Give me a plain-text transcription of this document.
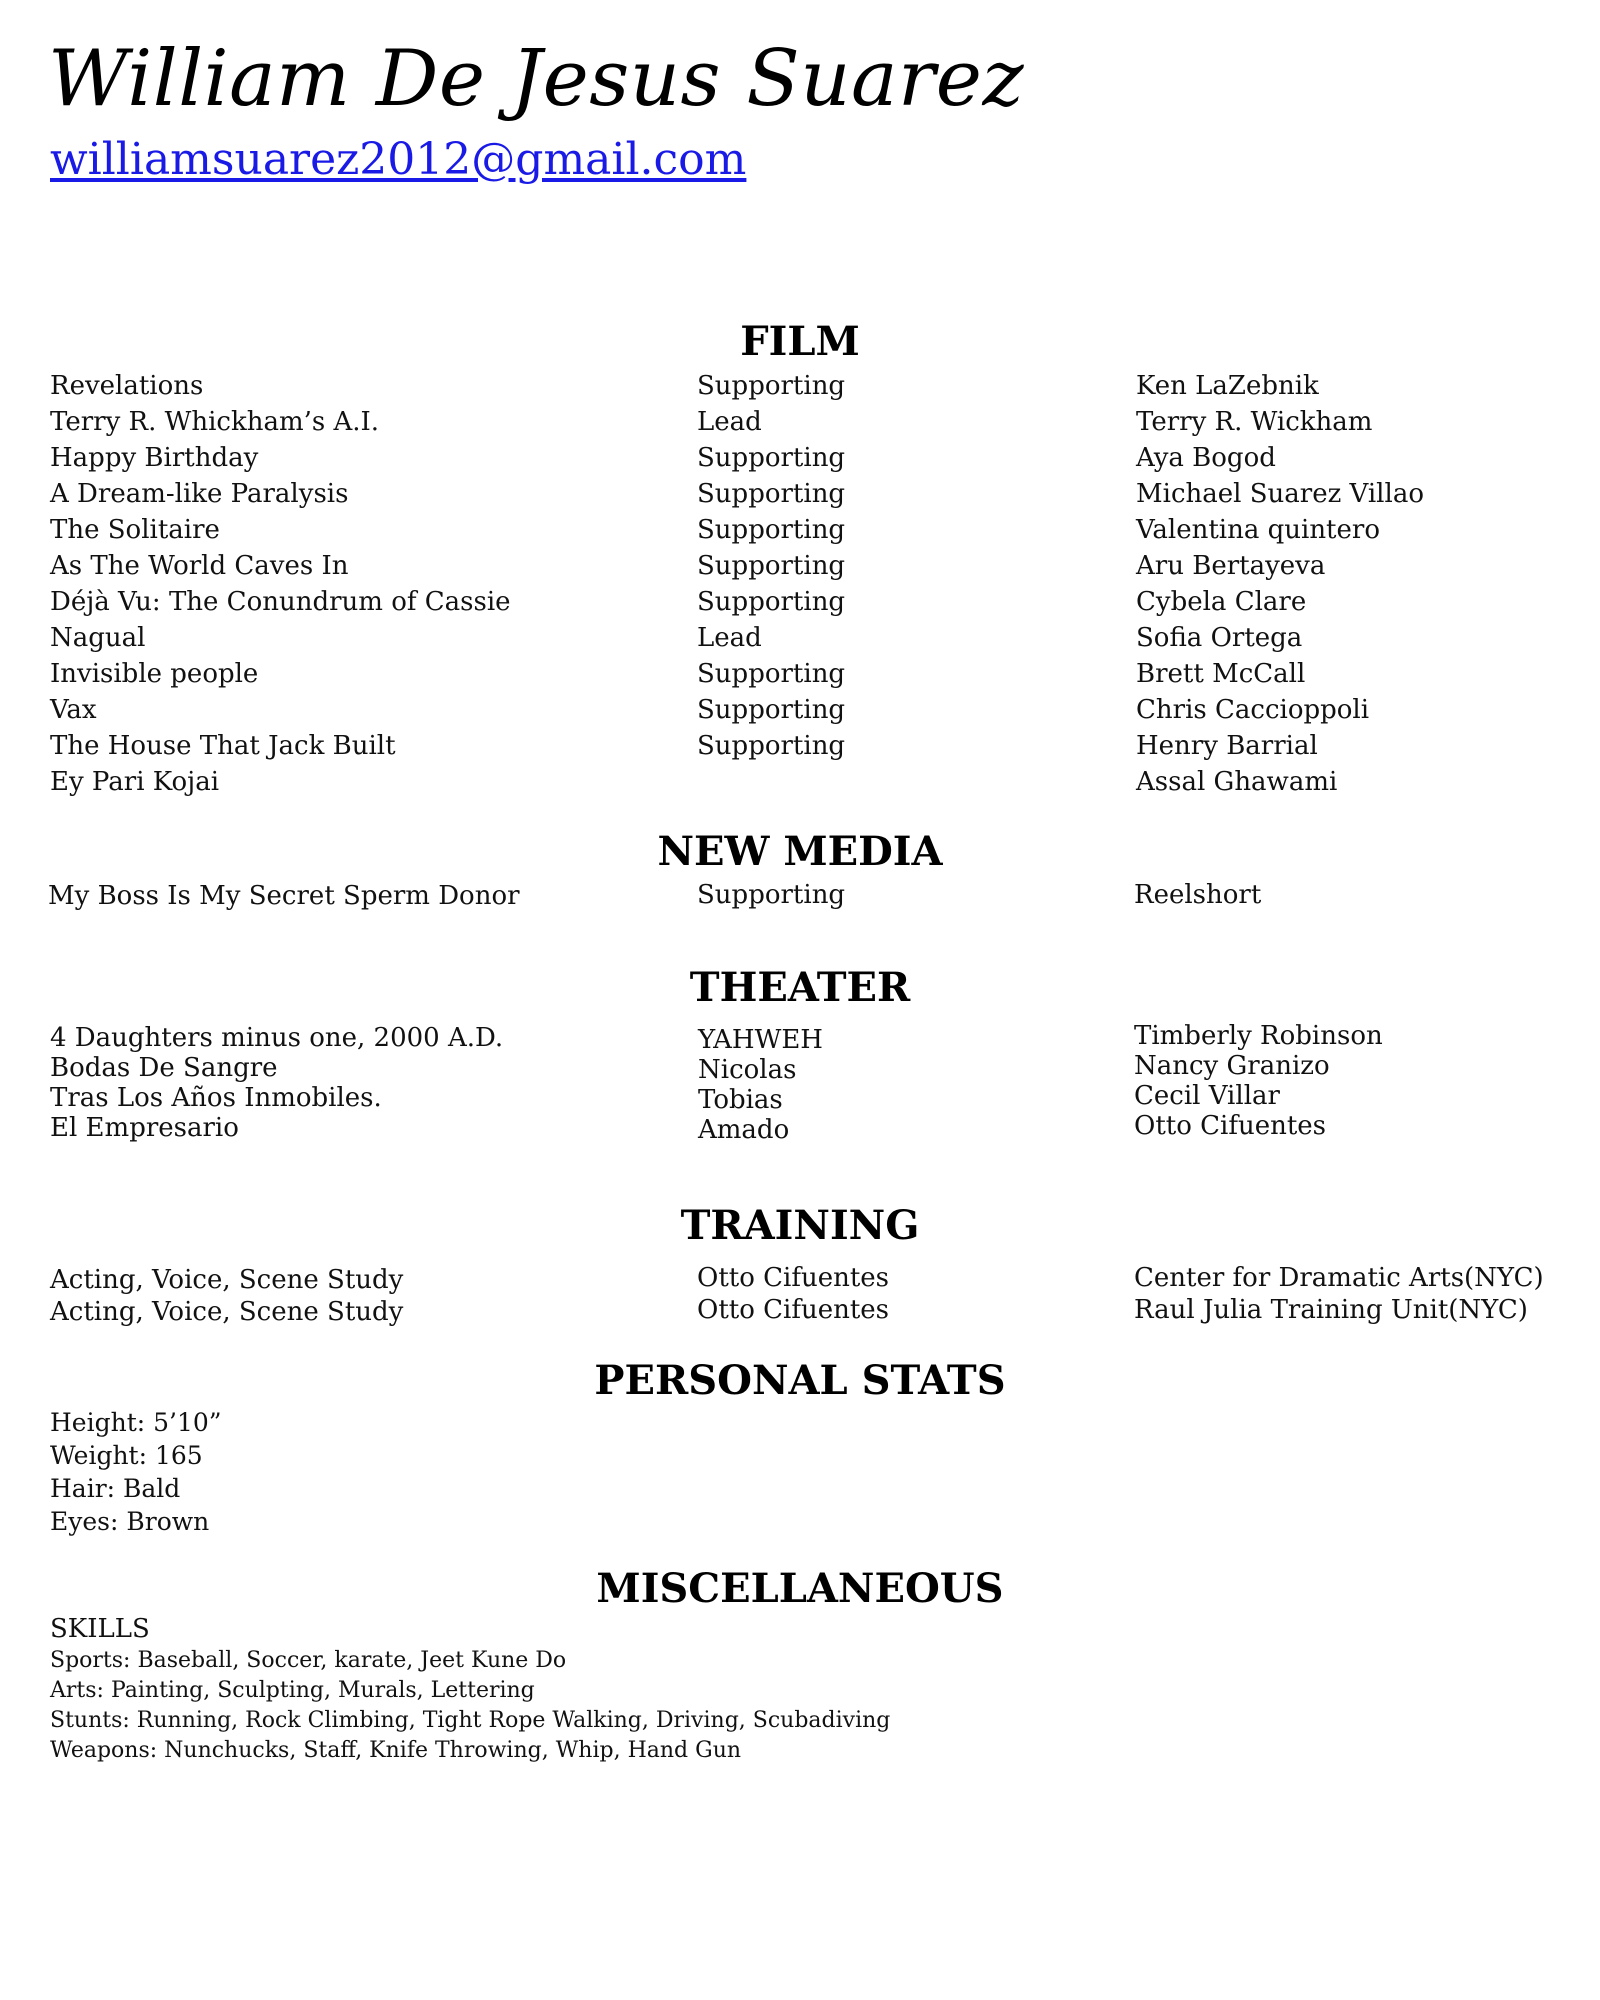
William De Jesus Suarez
williamsuarez2012@gmail.com
FILM
Revelations
Terry R. Whickham’s A.I.
Happy Birthday
A Dream-like Paralysis
The Solitaire
As The World Caves In
Déjà Vu: The Conundrum of Cassie
Nagual
Invisible people
Vax
The House That Jack Built
Ey Pari Kojai
Supporting
Lead
Supporting
Supporting
Supporting
Supporting
Supporting
Lead
Supporting
Supporting
Supporting
Ken LaZebnik
Terry R. Wickham
Aya Bogod
Michael Suarez Villao
Valentina quintero
Aru Bertayeva
Cybela Clare
Sofia Ortega
Brett McCall
Chris Caccioppoli
Henry Barrial
Assal Ghawami
NEW MEDIA
My Boss Is My Secret Sperm Donor	Supporting	Reelshort
THEATER
4 Daughters minus one, 2000 A.D.
Bodas De Sangre
Tras Los Años Inmobiles.
El Empresario
YAHWEH
Nicolas
Tobias
Amado
Timberly Robinson
Nancy Granizo
Cecil Villar
Otto Cifuentes
TRAINING
Acting, Voice, Scene Study
Acting, Voice, Scene Study
Otto Cifuentes
Otto Cifuentes
Center for Dramatic Arts(NYC)
Raul Julia Training Unit(NYC)
PERSONAL STATS
Height: 5’10”
Weight: 165
Hair: Bald
Eyes: Brown
MISCELLANEOUS
SKILLS
Sports: Baseball, Soccer, karate, Jeet Kune Do
Arts: Painting, Sculpting, Murals, Lettering
Stunts: Running, Rock Climbing, Tight Rope Walking, Driving, Scubadiving
Weapons: Nunchucks, Staff, Knife Throwing, Whip, Hand Gun
